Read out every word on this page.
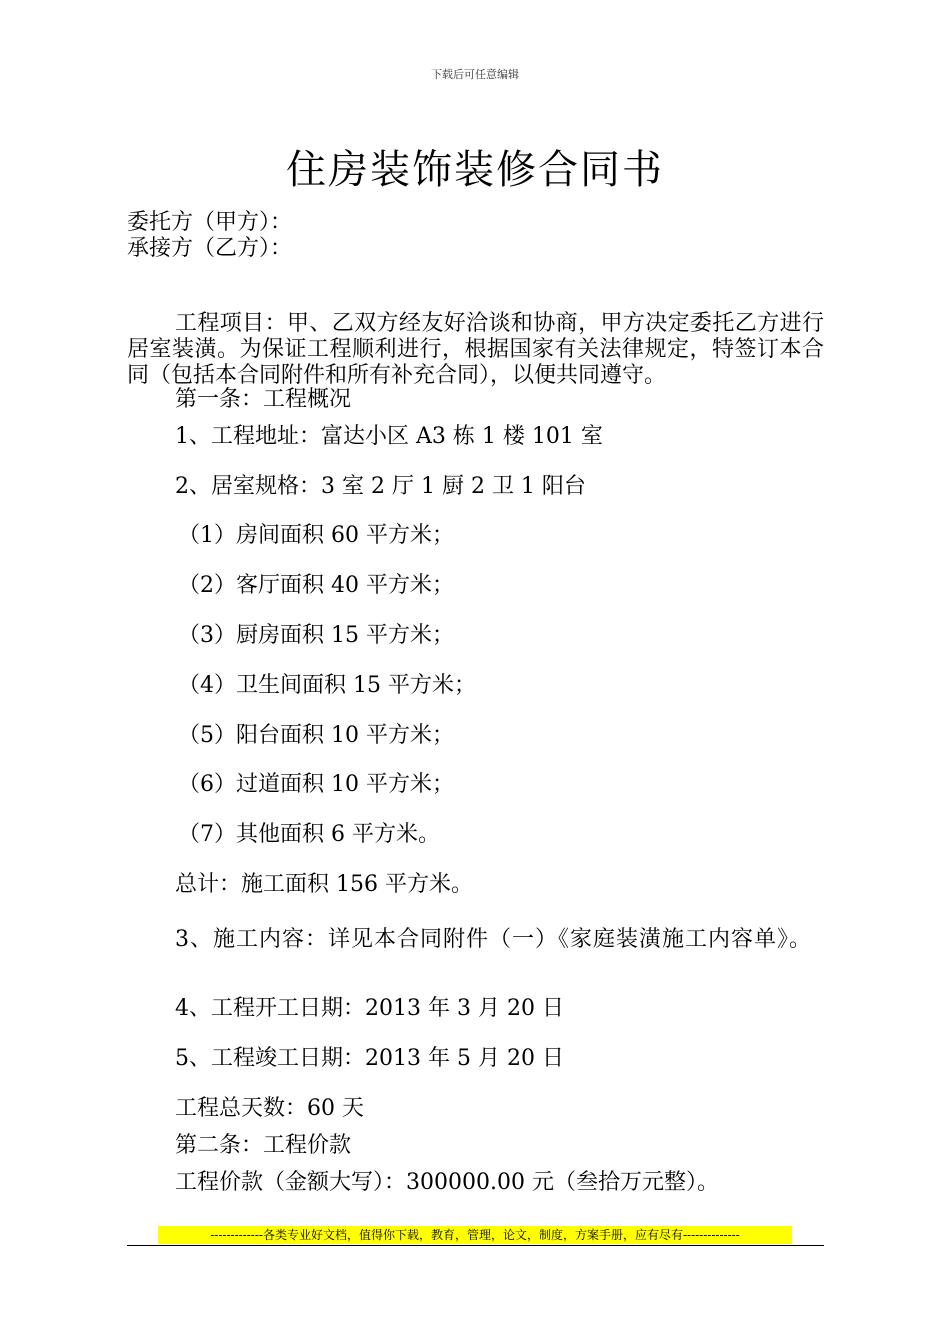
下载后可任意编辑
住房装饰装修合同书
委托方（甲方）：
承接方（乙方）：
工程项目：甲、乙双方经友好洽谈和协商，甲方决定委托乙方进行居室装潢。为保证工程顺利进行，根据国家有关法律规定，特签订本合同（包括本合同附件和所有补充合同），以便共同遵守。
第一条：工程概况
1、工程地址：富达小区 A3 栋 1 楼 101 室
2、居室规格：3 室 2 厅 1 厨 2 卫 1 阳台
（1）房间面积 60 平方米；
（2）客厅面积 40 平方米；
（3）厨房面积 15 平方米；
（4）卫生间面积 15 平方米；
（5）阳台面积 10 平方米；
（6）过道面积 10 平方米；
（7）其他面积 6 平方米。
总计：施工面积 156 平方米。
3、施工内容：详见本合同附件（一）《家庭装潢施工内容单》。
4、工程开工日期：2013 年 3 月 20 日
5、工程竣工日期：2013 年 5 月 20 日
工程总天数：60 天
第二条：工程价款
工程价款（金额大写）：300000.00 元（叁拾万元整）。
-------------各类专业好文档，值得你下载，教育，管理，论文，制度，方案手册，应有尽有--------------
